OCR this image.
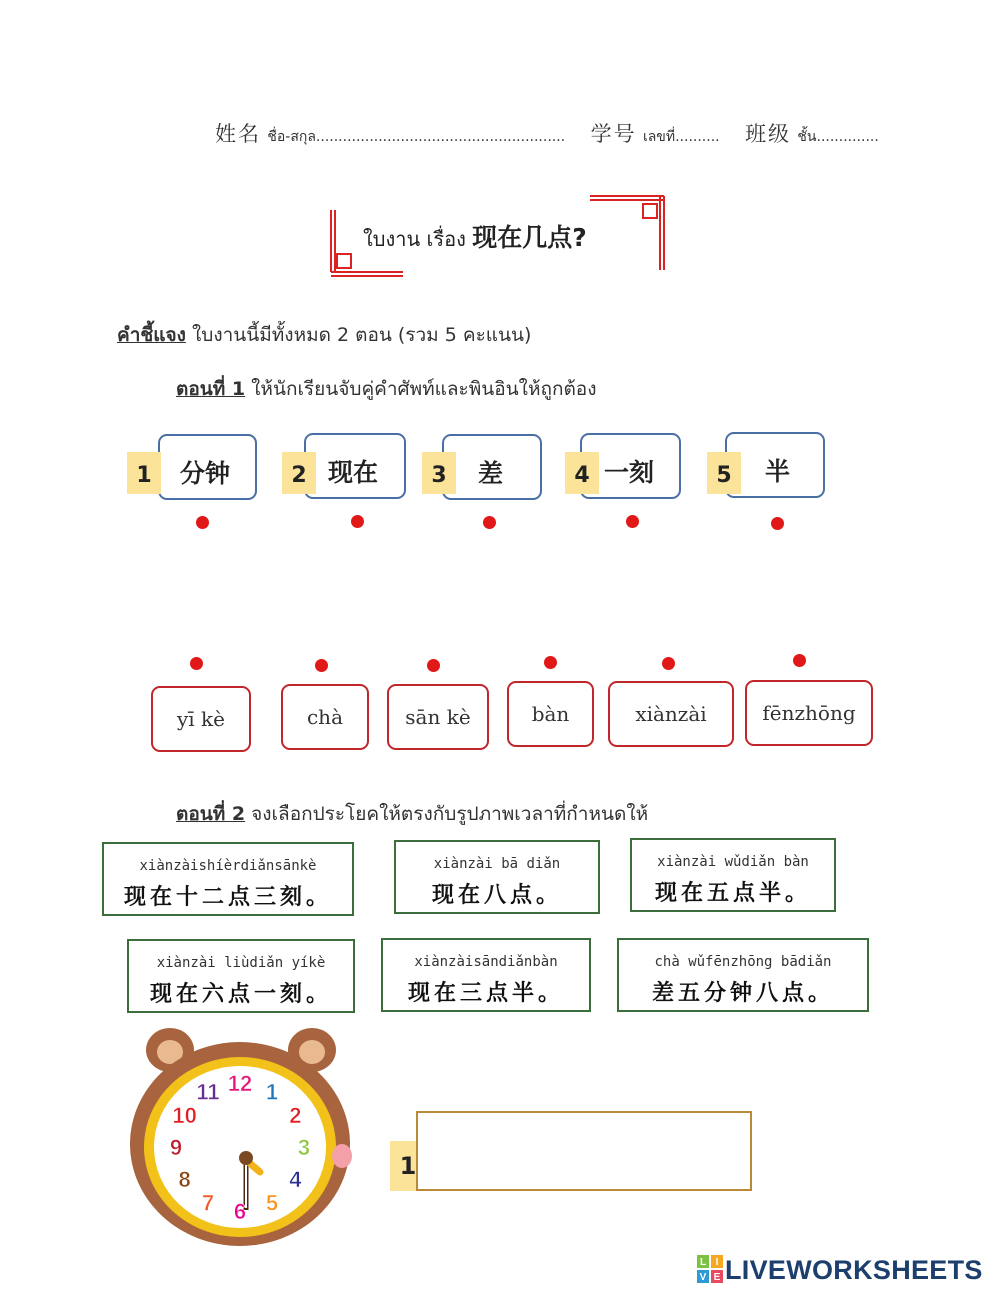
姓名 ชื่อ-สกุล........................................................ 学号 เลขที่.......... 班级 ชั้น..............
ใบงาน เรื่อง 现在几点?
คำชี้แจง ใบงานนี้มีทั้งหมด 2 ตอน (รวม 5 คะแนน)
ตอนที่ 1 ให้นักเรียนจับคู่คำศัพท์และพินอินให้ถูกต้อง
分钟
1	现在
2	差
3	一刻
4	半
5
yī kè	chà	sān kè	bàn	xiànzài	fēnzhōng
ตอนที่ 2 จงเลือกประโยคให้ตรงกับรูปภาพเวลาที่กำหนดให้
xiànzàishíèrdiǎnsānkè
现在十二点三刻。
xiànzài bā diǎn
现在八点。
xiànzài wǔdiǎn bàn
现在五点半。
xiànzài liùdiǎn yíkè
现在六点一刻。
xiànzàisāndiǎnbàn
现在三点半。
chà wǔfēnzhōng bādiǎn
差五分钟八点。
12 1
2
3
4
5
6
7
8
9
10
11
1
L I
V E LIVEWORKSHEETS
